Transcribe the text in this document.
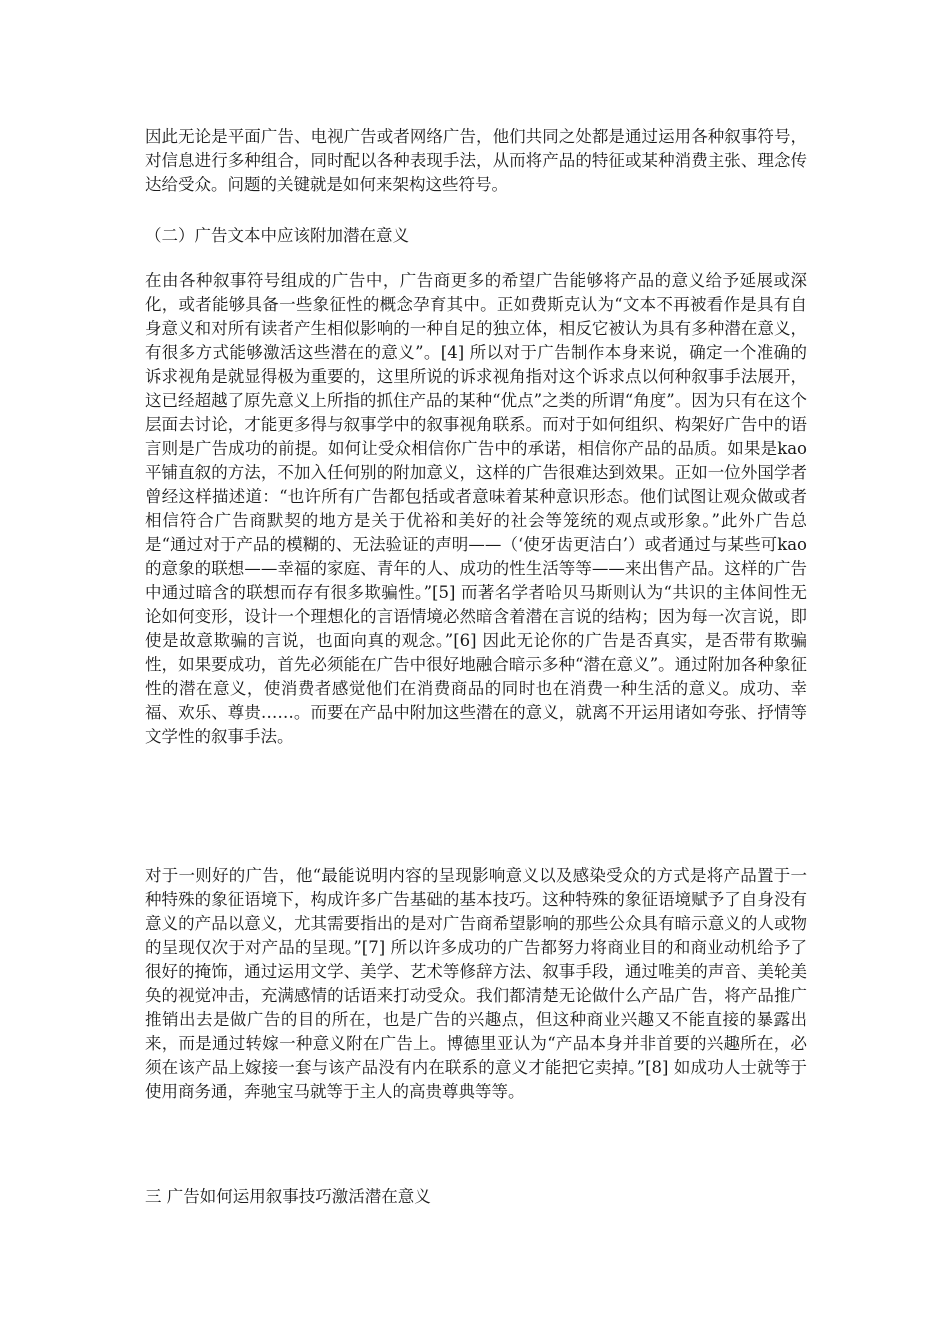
因此无论是平面广告、电视广告或者网络广告，他们共同之处都是通过运用各种叙事符号，对信息进行多种组合，同时配以各种表现手法，从而将产品的特征或某种消费主张、理念传达给受众。问题的关键就是如何来架构这些符号。

（二）广告文本中应该附加潜在意义

在由各种叙事符号组成的广告中，广告商更多的希望广告能够将产品的意义给予延展或深化，或者能够具备一些象征性的概念孕育其中。正如费斯克认为“文本不再被看作是具有自身意义和对所有读者产生相似影响的一种自足的独立体，相反它被认为具有多种潜在意义，有很多方式能够激活这些潜在的意义”。[4] 所以对于广告制作本身来说，确定一个准确的诉求视角是就显得极为重要的，这里所说的诉求视角指对这个诉求点以何种叙事手法展开，这已经超越了原先意义上所指的抓住产品的某种“优点”之类的所谓“角度”。因为只有在这个层面去讨论，才能更多得与叙事学中的叙事视角联系。而对于如何组织、构架好广告中的语言则是广告成功的前提。如何让受众相信你广告中的承诺，相信你产品的品质。如果是kao平铺直叙的方法，不加入任何别的附加意义，这样的广告很难达到效果。正如一位外国学者曾经这样描述道：“也许所有广告都包括或者意味着某种意识形态。他们试图让观众做或者相信符合广告商默契的地方是关于优裕和美好的社会等笼统的观点或形象。”此外广告总是“通过对于产品的模糊的、无法验证的声明——（‘使牙齿更洁白’）或者通过与某些可kao的意象的联想——幸福的家庭、青年的人、成功的性生活等等——来出售产品。这样的广告中通过暗含的联想而存有很多欺骗性。”[5] 而著名学者哈贝马斯则认为“共识的主体间性无论如何变形，设计一个理想化的言语情境必然暗含着潜在言说的结构；因为每一次言说，即使是故意欺骗的言说，也面向真的观念。”[6] 因此无论你的广告是否真实，是否带有欺骗性，如果要成功，首先必须能在广告中很好地融合暗示多种“潜在意义”。通过附加各种象征性的潜在意义，使消费者感觉他们在消费商品的同时也在消费一种生活的意义。成功、幸福、欢乐、尊贵……。而要在产品中附加这些潜在的意义，就离不开运用诸如夸张、抒情等文学性的叙事手法。

对于一则好的广告，他“最能说明内容的呈现影响意义以及感染受众的方式是将产品置于一种特殊的象征语境下，构成许多广告基础的基本技巧。这种特殊的象征语境赋予了自身没有意义的产品以意义，尤其需要指出的是对广告商希望影响的那些公众具有暗示意义的人或物的呈现仅次于对产品的呈现。”[7] 所以许多成功的广告都努力将商业目的和商业动机给予了很好的掩饰，通过运用文学、美学、艺术等修辞方法、叙事手段，通过唯美的声音、美轮美奂的视觉冲击，充满感情的话语来打动受众。我们都清楚无论做什么产品广告，将产品推广推销出去是做广告的目的所在，也是广告的兴趣点，但这种商业兴趣又不能直接的暴露出来，而是通过转嫁一种意义附在广告上。博德里亚认为“产品本身并非首要的兴趣所在，必须在该产品上嫁接一套与该产品没有内在联系的意义才能把它卖掉。”[8] 如成功人士就等于使用商务通，奔驰宝马就等于主人的高贵尊典等等。

三 广告如何运用叙事技巧激活潜在意义
